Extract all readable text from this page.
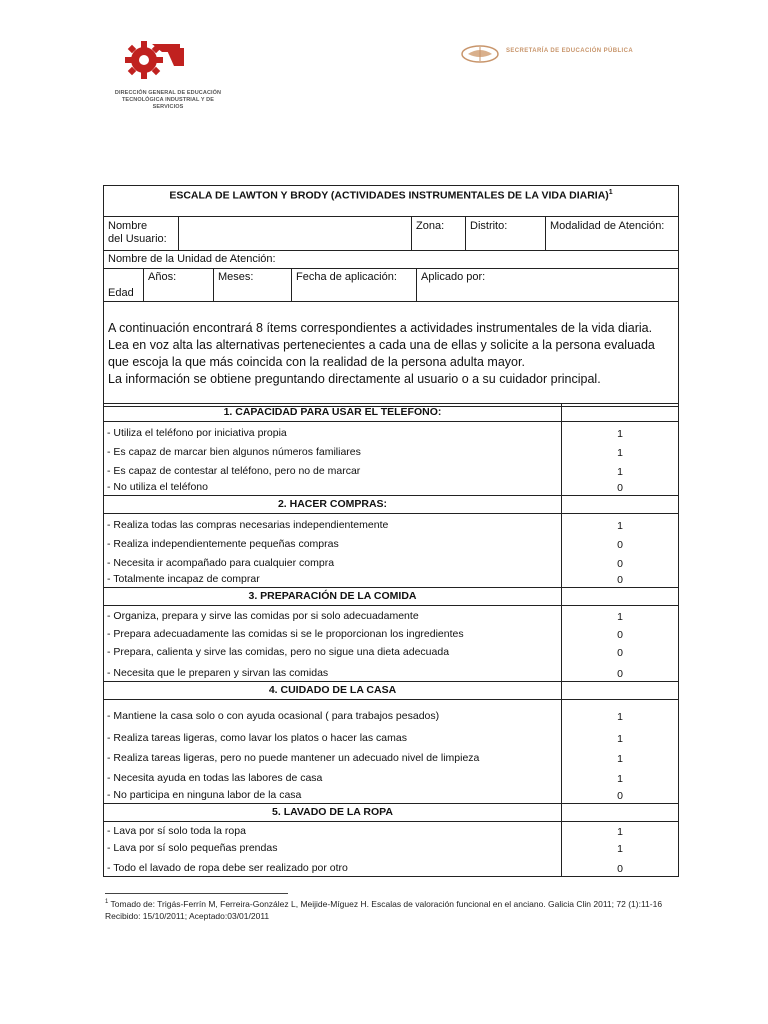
DIRECCIÓN GENERAL DE EDUCACIÓN
TECNOLÓGICA INDUSTRIAL Y DE SERVICIOS
SECRETARÍA DE EDUCACIÓN PÚBLICA
ESCALA DE LAWTON Y BRODY (ACTIVIDADES INSTRUMENTALES DE LA VIDA DIARIA)$^1$
Nombre
del Usuario:
Zona:	Distrito:	Modalidad de Atención:
Nombre de la Unidad de Atención:
Edad
Años:	Meses:	Fecha de aplicación:	Aplicado por:
A continuación encontrará 8 ítems correspondientes a actividades instrumentales de la vida diaria. Lea en voz alta las alternativas pertenecientes a cada una de ellas y solicite a la persona evaluada que escoja la que más coincida con la realidad de la persona adulta mayor.
La información se obtiene preguntando directamente al usuario o a su cuidador principal.
1. CAPACIDAD PARA USAR EL TELEFONO:
- Utiliza el teléfono por iniciativa propia	1
- Es capaz de marcar bien algunos números familiares	1
- Es capaz de contestar al teléfono, pero no de marcar	1
- No utiliza el teléfono	0
2. HACER COMPRAS:
- Realiza todas las compras necesarias independientemente	1
- Realiza independientemente pequeñas compras	0
- Necesita ir acompañado para cualquier compra	0
- Totalmente incapaz de comprar	0
3. PREPARACIÓN DE LA COMIDA
- Organiza, prepara y sirve las comidas por si solo adecuadamente	1
- Prepara adecuadamente las comidas si se le proporcionan los ingredientes	0
- Prepara, calienta y sirve las comidas, pero no sigue una dieta adecuada	0
- Necesita que le preparen y sirvan las comidas	0
4. CUIDADO DE LA CASA
- Mantiene la casa solo o con ayuda ocasional ( para trabajos pesados)	1
- Realiza tareas ligeras, como lavar los platos o hacer las camas	1
- Realiza tareas ligeras, pero no puede mantener un adecuado nivel de limpieza	1
- Necesita ayuda en todas las labores de casa	1
- No participa en ninguna labor de la casa	0
5. LAVADO DE LA ROPA
- Lava por sí solo toda la ropa	1
- Lava por sí solo pequeñas prendas	1
- Todo el lavado de ropa debe ser realizado por otro	0
$^1$ Tomado de: Trigás-Ferrín M, Ferreira-González L, Meijide-Míguez H. Escalas de valoración funcional en el anciano. Galicia Clin 2011; 72 (1):11-16 Recibido: 15/10/2011; Aceptado:03/01/2011
